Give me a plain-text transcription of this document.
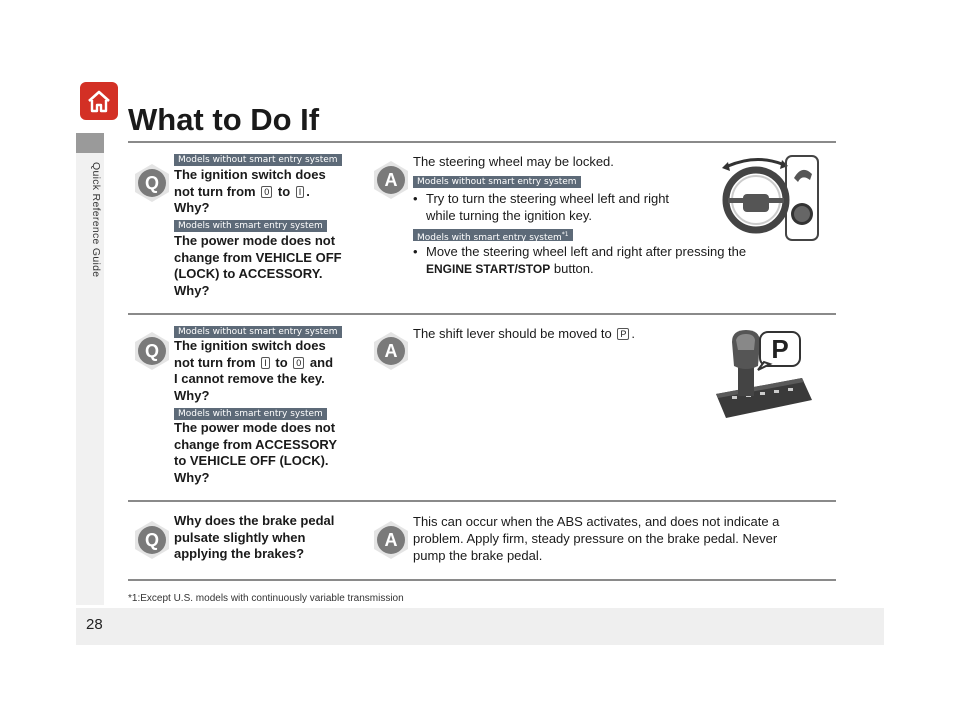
Quick Reference Guide
What to Do If
Q
Models without smart entry system
The ignition switch does
not turn from 0 to I .
Why?
Models with smart entry system
The power mode does not
change from VEHICLE OFF
(LOCK) to ACCESSORY.
Why?
A
The steering wheel may be locked.
Models without smart entry system
• Try to turn the steering wheel left and right
while turning the ignition key.
Models with smart entry system$^{*1}$
• Move the steering wheel left and right after pressing the
ENGINE START/STOP button.
Q
Models without smart entry system
The ignition switch does
not turn from I to 0 and
I cannot remove the key.
Why?
Models with smart entry system
The power mode does not
change from ACCESSORY
to VEHICLE OFF (LOCK).
Why?
A
The shift lever should be moved to P .
P
Q
Why does the brake pedal
pulsate slightly when
applying the brakes?
A
This can occur when the ABS activates, and does not indicate a
problem. Apply firm, steady pressure on the brake pedal. Never
pump the brake pedal.
*1:Except U.S. models with continuously variable transmission
28
